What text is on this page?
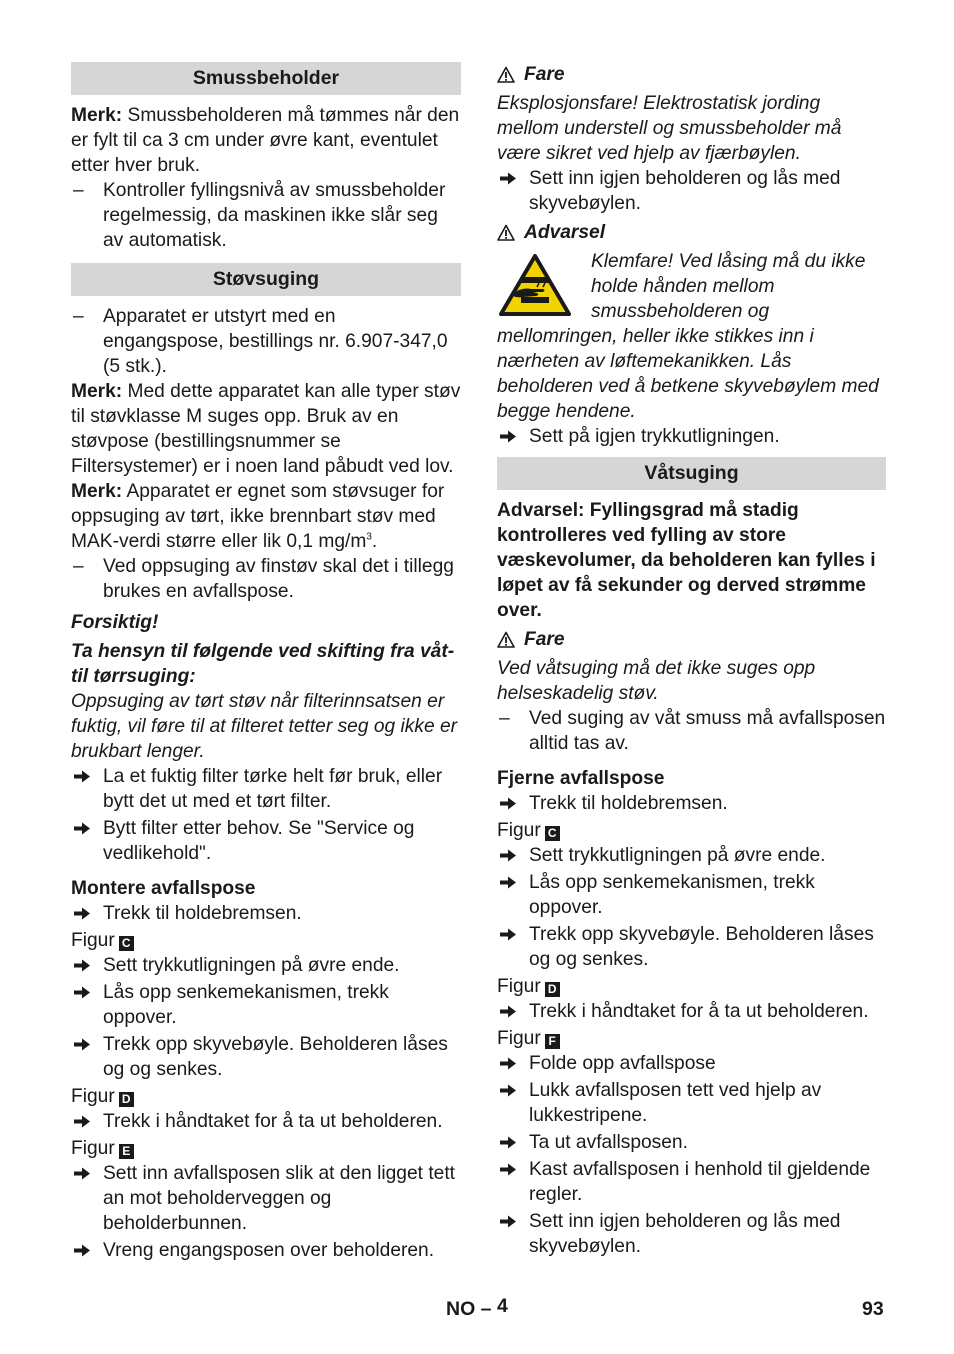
Smussbeholder

Merk: Smussbeholderen må tømmes når den er fylt til ca 3 cm under øvre kant, eventulet etter hver bruk.

– Kontroller fyllingsnivå av smussbeholder regelmessig, da maskinen ikke slår seg av automatisk.

Støvsuging

– Apparatet er utstyrt med en engangspose, bestillings nr. 6.907-347,0 (5 stk.).

Merk: Med dette apparatet kan alle typer støv til støvklasse M suges opp. Bruk av en støvpose (bestillingsnummer se Filtersystemer) er i noen land påbudt ved lov.

Merk: Apparatet er egnet som støvsuger for oppsuging av tørt, ikke brennbart støv med MAK-verdi større eller lik 0,1 $mg/m^3$.

– Ved oppsuging av finstøv skal det i tillegg brukes en avfallspose.

Forsiktig!

Ta hensyn til følgende ved skifting fra våt- til tørrsuging:

Oppsuging av tørt støv når filterinnsatsen er fuktig, vil føre til at filteret tetter seg og ikke er brukbart lenger.

La et fuktig filter tørke helt før bruk, eller bytt det ut med et tørt filter.

Bytt filter etter behov. Se "Service og vedlikehold".

Montere avfallspose

Trekk til holdebremsen.

Figur C

Sett trykkutligningen på øvre ende.

Lås opp senkemekanismen, trekk oppover.

Trekk opp skyvebøyle. Beholderen låses og og senkes.

Figur D

Trekk i håndtaket for å ta ut beholderen.

Figur E

Sett inn avfallsposen slik at den ligget tett an mot beholderveggen og beholderbunnen.

Vreng engangsposen over beholderen.

Fare

Eksplosjonsfare! Elektrostatisk jording mellom understell og smussbeholder må være sikret ved hjelp av fjærbøylen.

Sett inn igjen beholderen og lås med skyvebøylen.

Advarsel

Klemfare! Ved låsing må du ikke holde hånden mellom smussbeholderen og mellomringen, heller ikke stikkes inn i nærheten av løftemekanikken. Lås beholderen ved å betkene skyvebøylem med begge hendene.

Sett på igjen trykkutligningen.

Våtsuging

Advarsel: Fyllingsgrad må stadig kontrolleres ved fylling av store væskevolumer, da beholderen kan fylles i løpet av få sekunder og derved strømme over.

Fare

Ved våtsuging må det ikke suges opp helseskadelig støv.

– Ved suging av våt smuss må avfallsposen alltid tas av.

Fjerne avfallspose

Trekk til holdebremsen.

Figur C

Sett trykkutligningen på øvre ende.

Lås opp senkemekanismen, trekk oppover.

Trekk opp skyvebøyle. Beholderen låses og og senkes.

Figur D

Trekk i håndtaket for å ta ut beholderen.

Figur F

Folde opp avfallspose

Lukk avfallsposen tett ved hjelp av lukkestripene.

Ta ut avfallsposen.

Kast avfallsposen i henhold til gjeldende regler.

Sett inn igjen beholderen og lås med skyvebøylen.

NO – 4	93
